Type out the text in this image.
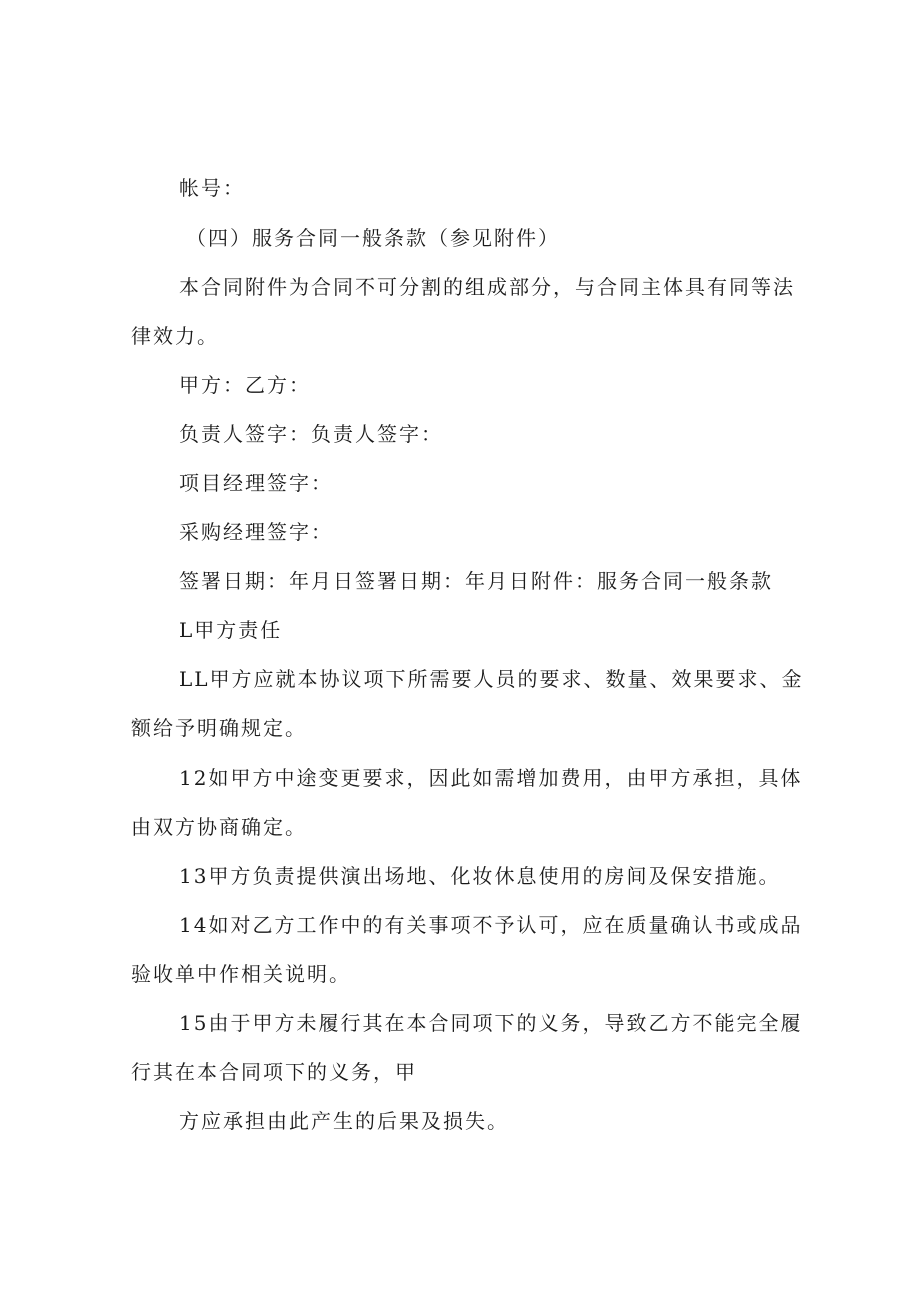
帐号：

（四）服务合同一般条款（参见附件）

本合同附件为合同不可分割的组成部分，与合同主体具有同等法

律效力。

甲方：乙方：

负责人签字：负责人签字：

项目经理签字：

采购经理签字：

签署日期：年月日签署日期：年月日附件：服务合同一般条款

L甲方责任

LL甲方应就本协议项下所需要人员的要求、数量、效果要求、金

额给予明确规定。

12如甲方中途变更要求，因此如需增加费用，由甲方承担，具体

由双方协商确定。

13甲方负责提供演出场地、化妆休息使用的房间及保安措施。

14如对乙方工作中的有关事项不予认可，应在质量确认书或成品

验收单中作相关说明。

15由于甲方未履行其在本合同项下的义务，导致乙方不能完全履

行其在本合同项下的义务，甲

方应承担由此产生的后果及损失。
